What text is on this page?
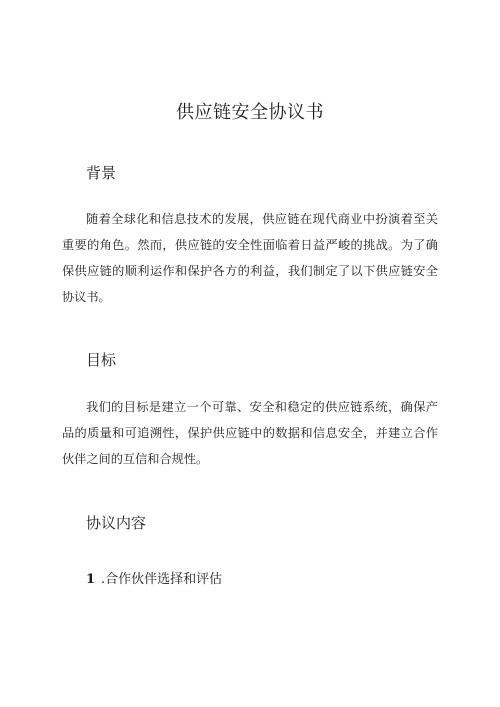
供应链安全协议书
背景

随着全球化和信息技术的发展，供应链在现代商业中扮演着至关重要的角色。然而，供应链的安全性面临着日益严峻的挑战。为了确保供应链的顺利运作和保护各方的利益，我们制定了以下供应链安全协议书。

目标

我们的目标是建立一个可靠、安全和稳定的供应链系统，确保产品的质量和可追溯性，保护供应链中的数据和信息安全，并建立合作伙伴之间的互信和合规性。

协议内容
1 .合作伙伴选择和评估
